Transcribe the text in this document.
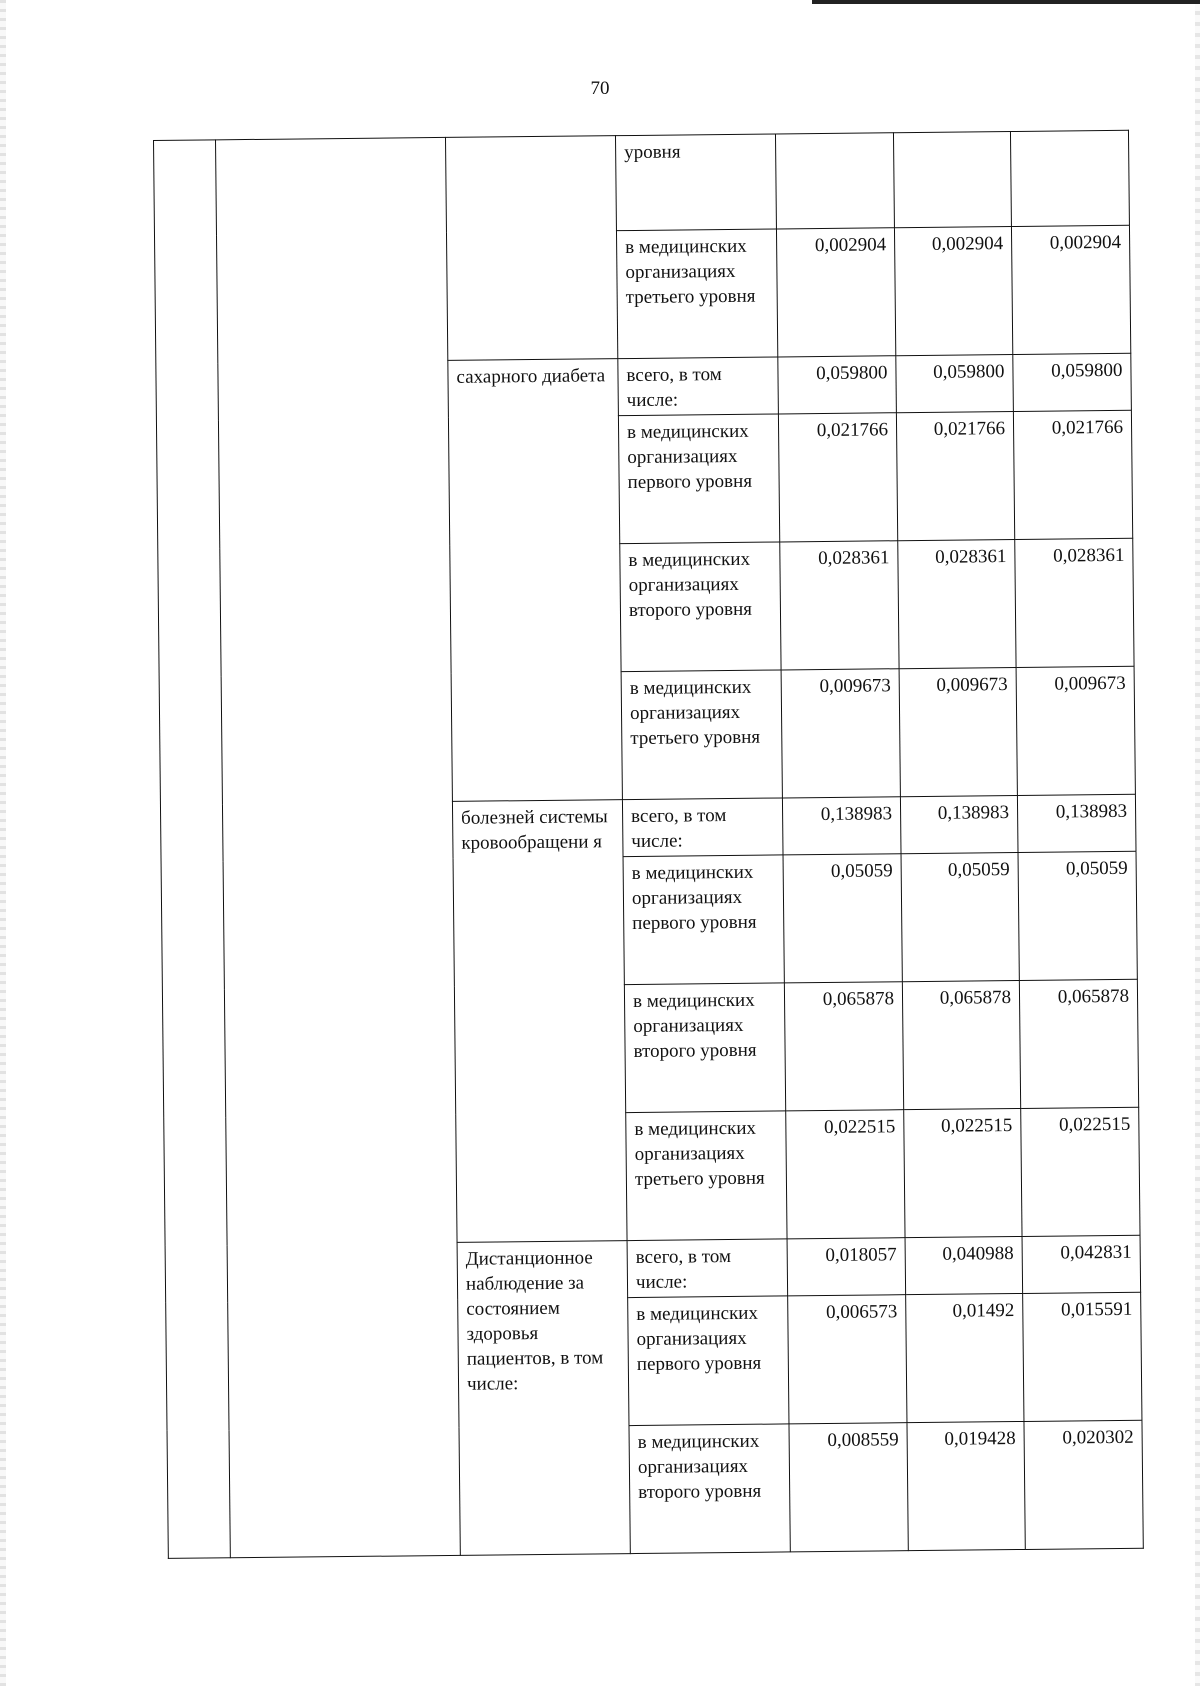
70
			уровня			
			в медицинских организациях третьего уровня	0,002904	0,002904	0,002904
		сахарного диабета	всего, в том числе:	0,059800	0,059800	0,059800
			в медицинских организациях первого уровня	0,021766	0,021766	0,021766
			в медицинских организациях второго уровня	0,028361	0,028361	0,028361
			в медицинских организациях третьего уровня	0,009673	0,009673	0,009673
		болезней системы кровообращени я	всего, в том числе:	0,138983	0,138983	0,138983
			в медицинских организациях первого уровня	0,05059	0,05059	0,05059
			в медицинских организациях второго уровня	0,065878	0,065878	0,065878
			в медицинских организациях третьего уровня	0,022515	0,022515	0,022515
		Дистанционное наблюдение за состоянием здоровья пациентов, в том числе:	всего, в том числе:	0,018057	0,040988	0,042831
			в медицинских организациях первого уровня	0,006573	0,01492	0,015591
			в медицинских организациях второго уровня	0,008559	0,019428	0,020302
